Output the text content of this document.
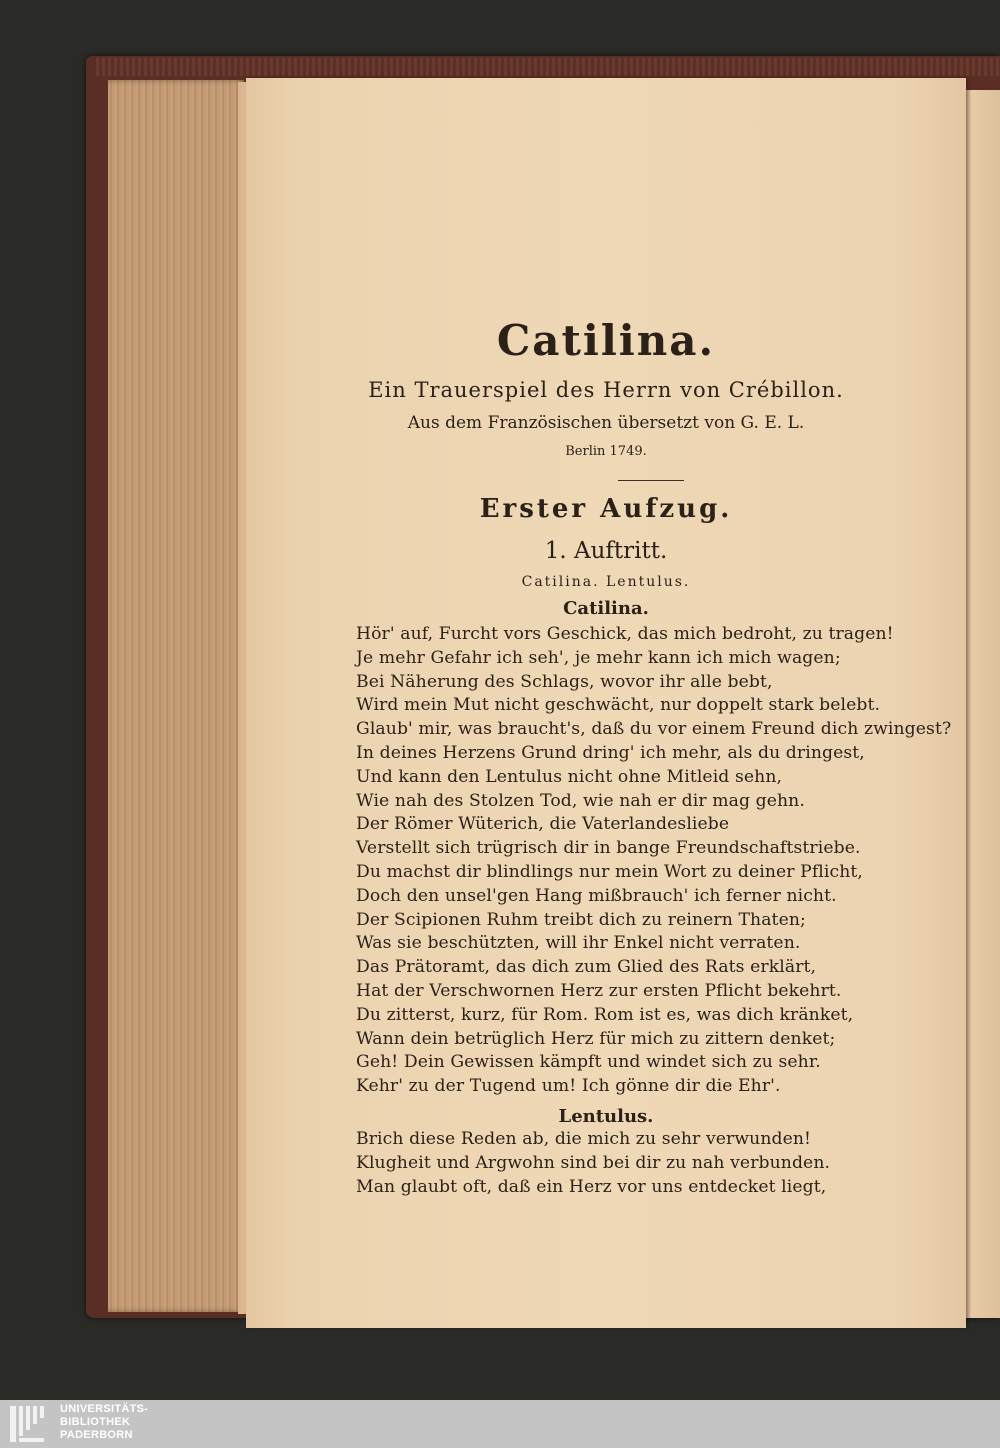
Catilina.
Ein Trauerspiel des Herrn von Crébillon.
Aus dem Französischen übersetzt von G. E. L.
Berlin 1749.
Erster Aufzug.
1. Auftritt.
Catilina. Lentulus.
Catilina.
Hör' auf, Furcht vors Geschick, das mich bedroht, zu tragen!
Je mehr Gefahr ich seh', je mehr kann ich mich wagen;
Bei Näherung des Schlags, wovor ihr alle bebt,
Wird mein Mut nicht geschwächt, nur doppelt stark belebt.
Glaub' mir, was braucht's, daß du vor einem Freund dich zwingest?
In deines Herzens Grund dring' ich mehr, als du dringest,
Und kann den Lentulus nicht ohne Mitleid sehn,
Wie nah des Stolzen Tod, wie nah er dir mag gehn.
Der Römer Wüterich, die Vaterlandesliebe
Verstellt sich trügrisch dir in bange Freundschaftstriebe.
Du machst dir blindlings nur mein Wort zu deiner Pflicht,
Doch den unsel'gen Hang mißbrauch' ich ferner nicht.
Der Scipionen Ruhm treibt dich zu reinern Thaten;
Was sie beschützten, will ihr Enkel nicht verraten.
Das Prätoramt, das dich zum Glied des Rats erklärt,
Hat der Verschwornen Herz zur ersten Pflicht bekehrt.
Du zitterst, kurz, für Rom. Rom ist es, was dich kränket,
Wann dein betrüglich Herz für mich zu zittern denket;
Geh! Dein Gewissen kämpft und windet sich zu sehr.
Kehr' zu der Tugend um! Ich gönne dir die Ehr'.
Lentulus.
Brich diese Reden ab, die mich zu sehr verwunden!
Klugheit und Argwohn sind bei dir zu nah verbunden.
Man glaubt oft, daß ein Herz vor uns entdecket liegt,
UNIVERSITÄTS-
BIBLIOTHEK
PADERBORN
